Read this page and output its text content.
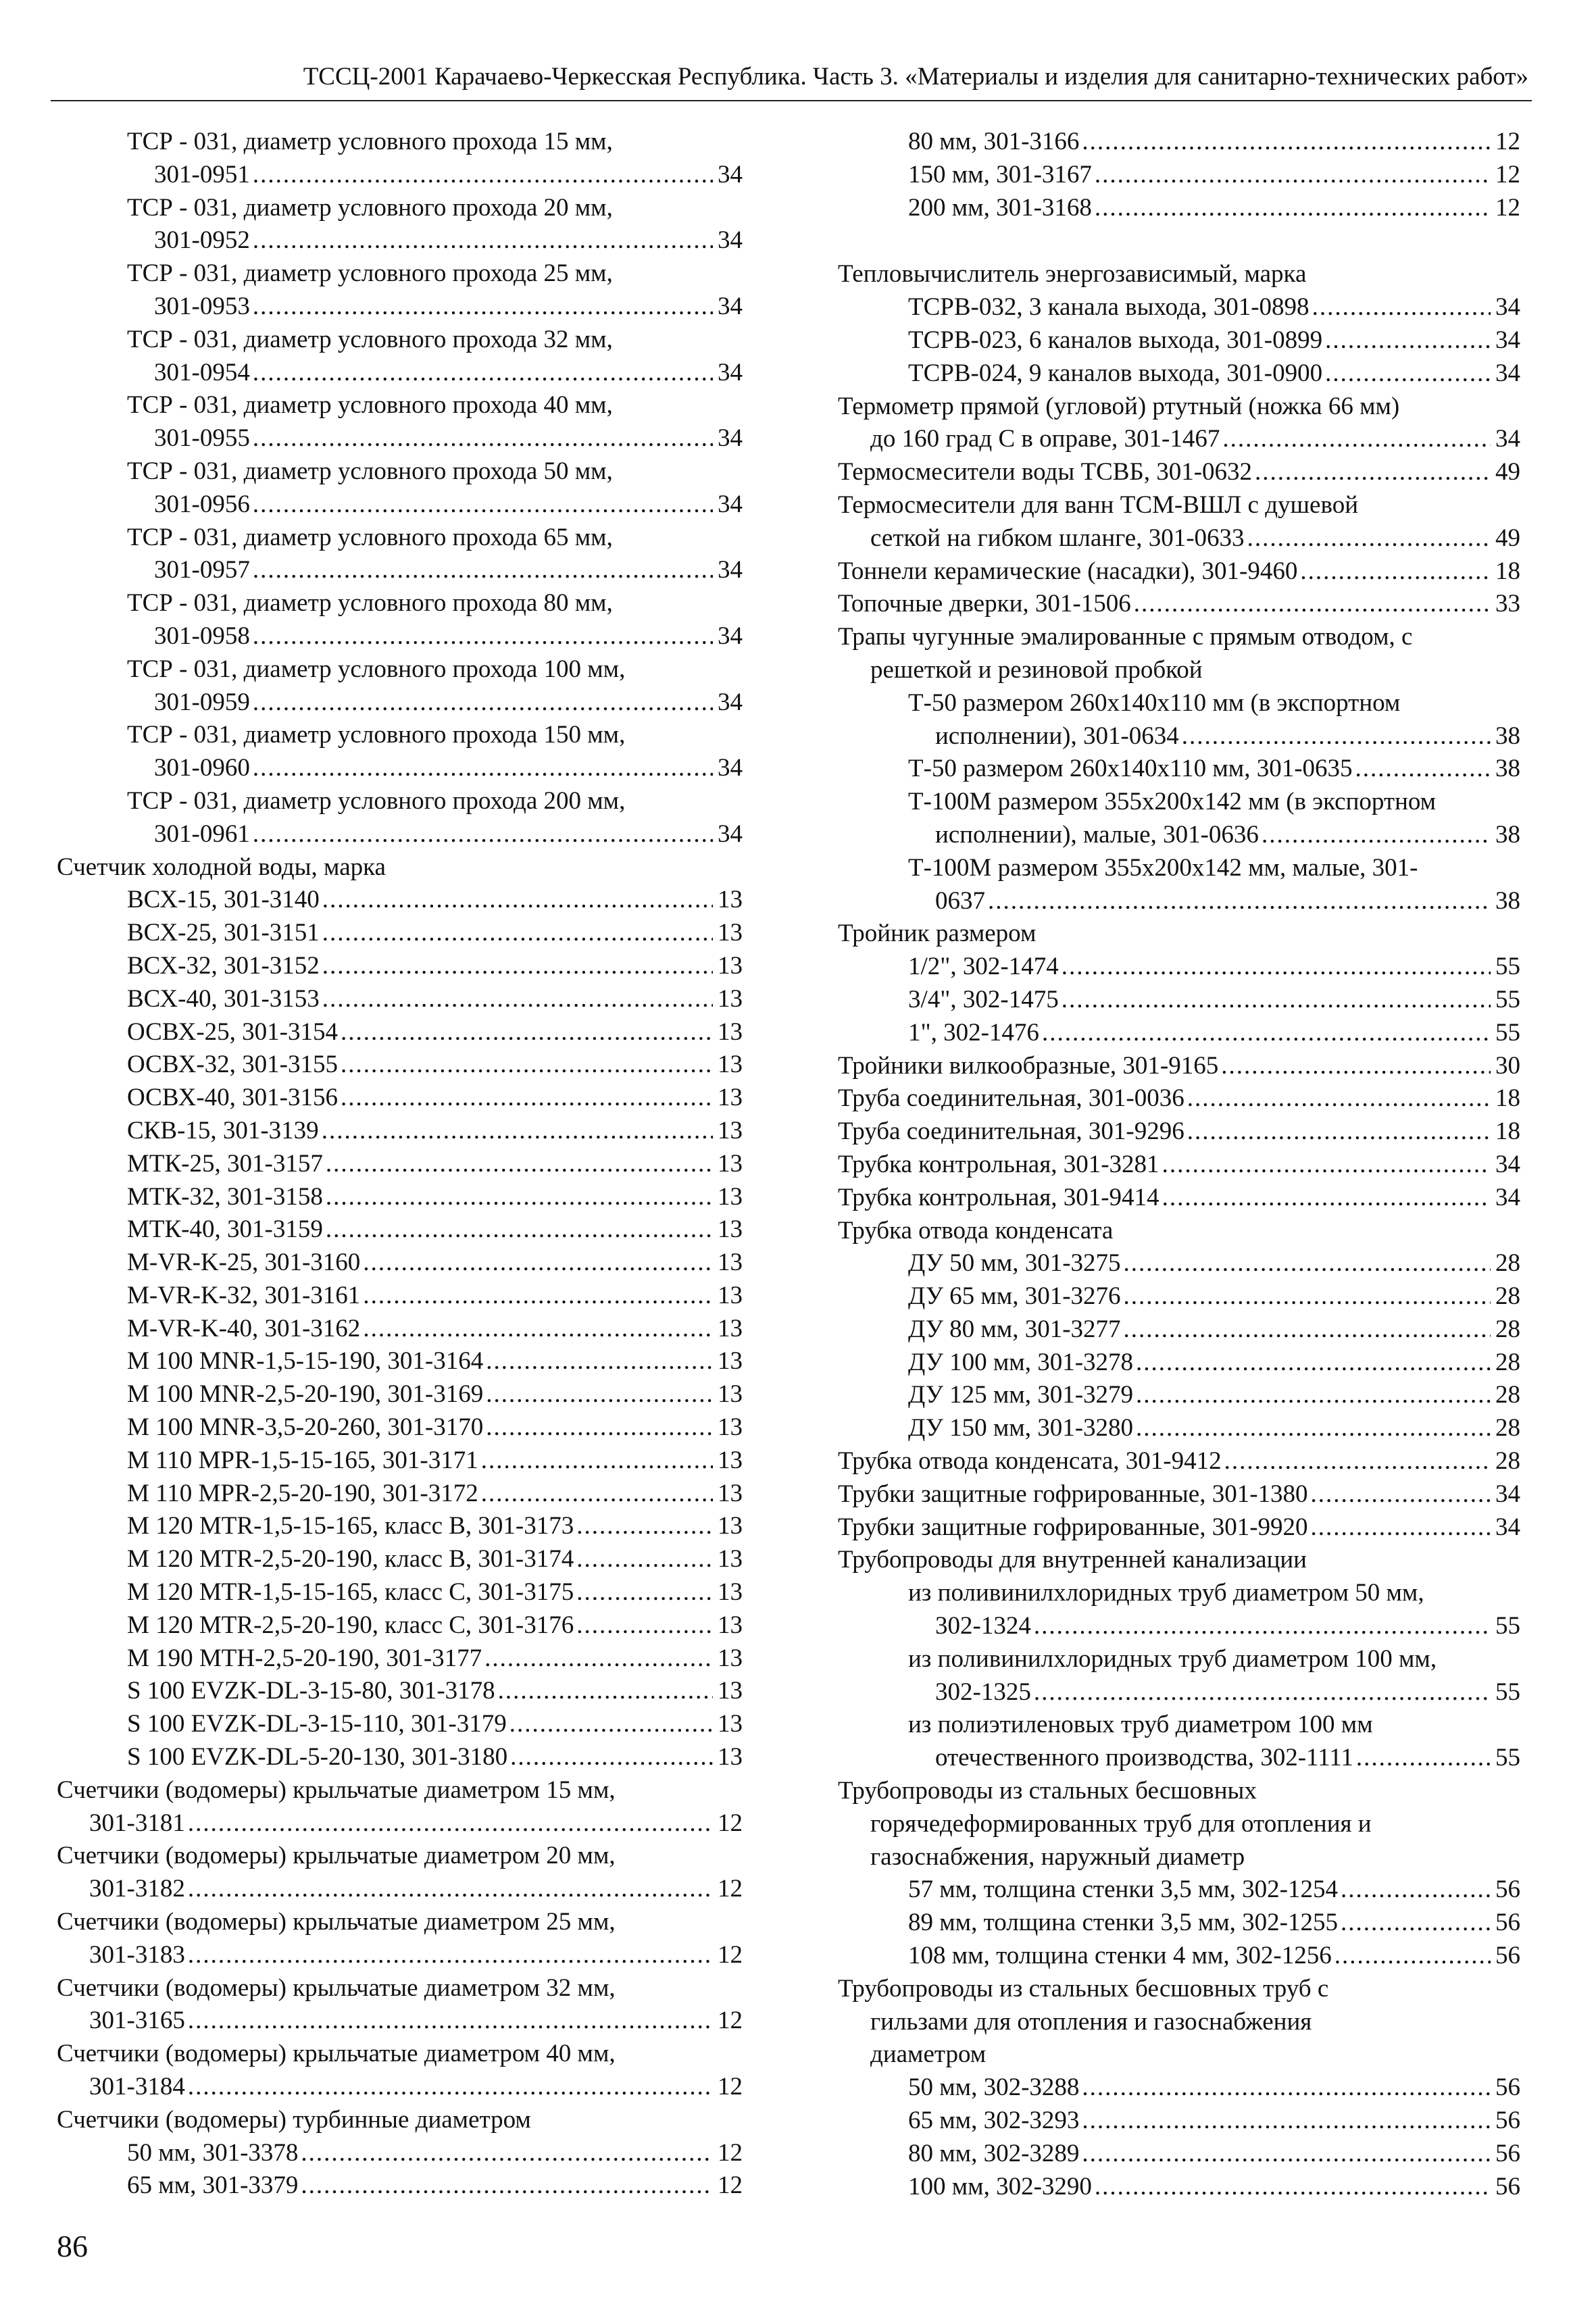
ТССЦ-2001 Карачаево-Черкесская Республика. Часть 3. «Материалы и изделия для санитарно-технических работ»
ТСР - 031, диаметр условного прохода 15 мм,
301-0951 .....	34
ТСР - 031, диаметр условного прохода 20 мм,
301-0952 .....	34
ТСР - 031, диаметр условного прохода 25 мм,
301-0953 .....	34
ТСР - 031, диаметр условного прохода 32 мм,
301-0954 .....	34
ТСР - 031, диаметр условного прохода 40 мм,
301-0955 .....	34
ТСР - 031, диаметр условного прохода 50 мм,
301-0956 .....	34
ТСР - 031, диаметр условного прохода 65 мм,
301-0957 .....	34
ТСР - 031, диаметр условного прохода 80 мм,
301-0958 .....	34
ТСР - 031, диаметр условного прохода 100 мм,
301-0959 .....	34
ТСР - 031, диаметр условного прохода 150 мм,
301-0960 .....	34
ТСР - 031, диаметр условного прохода 200 мм,
301-0961 .....	34
Счетчик холодной воды, марка
ВСХ-15, 301-3140 .....	13
ВСХ-25, 301-3151 .....	13
ВСХ-32, 301-3152 .....	13
ВСХ-40, 301-3153 .....	13
ОСВХ-25, 301-3154 .....	13
ОСВХ-32, 301-3155 .....	13
ОСВХ-40, 301-3156 .....	13
СКВ-15, 301-3139 .....	13
МТК-25, 301-3157 .....	13
МТК-32, 301-3158 .....	13
МТК-40, 301-3159 .....	13
M-VR-K-25, 301-3160 .....	13
M-VR-K-32, 301-3161 .....	13
M-VR-K-40, 301-3162 .....	13
M 100 MNR-1,5-15-190, 301-3164 .....	13
M 100 MNR-2,5-20-190, 301-3169 .....	13
M 100 MNR-3,5-20-260, 301-3170 .....	13
M 110 MPR-1,5-15-165, 301-3171 .....	13
M 110 MPR-2,5-20-190, 301-3172 .....	13
M 120 MTR-1,5-15-165, класс В, 301-3173 .....	13
M 120 MTR-2,5-20-190, класс В, 301-3174 .....	13
M 120 MTR-1,5-15-165, класс С, 301-3175 .....	13
M 120 MTR-2,5-20-190, класс С, 301-3176 .....	13
M 190 MTH-2,5-20-190, 301-3177 .....	13
S 100 EVZK-DL-3-15-80, 301-3178 .....	13
S 100 EVZK-DL-3-15-110, 301-3179 .....	13
S 100 EVZK-DL-5-20-130, 301-3180 .....	13
Счетчики (водомеры) крыльчатые диаметром 15 мм,
301-3181 .....	12
Счетчики (водомеры) крыльчатые диаметром 20 мм,
301-3182 .....	12
Счетчики (водомеры) крыльчатые диаметром 25 мм,
301-3183 .....	12
Счетчики (водомеры) крыльчатые диаметром 32 мм,
301-3165 .....	12
Счетчики (водомеры) крыльчатые диаметром 40 мм,
301-3184 .....	12
Счетчики (водомеры) турбинные диаметром
50 мм, 301-3378 .....	12
65 мм, 301-3379 .....	12
80 мм, 301-3166 .....	12
150 мм, 301-3167 .....	12
200 мм, 301-3168 .....	12
Тепловычислитель энергозависимый, марка
ТСРВ-032, 3 канала выхода, 301-0898 .....	34
ТСРВ-023, 6 каналов выхода, 301-0899 .....	34
ТСРВ-024, 9 каналов выхода, 301-0900 .....	34
Термометр прямой (угловой) ртутный (ножка 66 мм)
до 160 град С в оправе, 301-1467 .....	34
Термосмесители воды ТСВБ, 301-0632 .....	49
Термосмесители для ванн ТСМ-ВШЛ с душевой
сеткой на гибком шланге, 301-0633 .....	49
Тоннели керамические (насадки), 301-9460 .....	18
Топочные дверки, 301-1506 .....	33
Трапы чугунные эмалированные с прямым отводом, с
решеткой и резиновой пробкой
Т-50 размером 260х140х110 мм (в экспортном
исполнении), 301-0634 .....	38
Т-50 размером 260х140х110 мм, 301-0635 .....	38
Т-100М размером 355х200х142 мм (в экспортном
исполнении), малые, 301-0636 .....	38
Т-100М размером 355х200х142 мм, малые, 301-
0637 .....	38
Тройник размером
1/2", 302-1474 .....	55
3/4", 302-1475 .....	55
1", 302-1476 .....	55
Тройники вилкообразные, 301-9165 .....	30
Труба соединительная, 301-0036 .....	18
Труба соединительная, 301-9296 .....	18
Трубка контрольная, 301-3281 .....	34
Трубка контрольная, 301-9414 .....	34
Трубка отвода конденсата
ДУ 50 мм, 301-3275 .....	28
ДУ 65 мм, 301-3276 .....	28
ДУ 80 мм, 301-3277 .....	28
ДУ 100 мм, 301-3278 .....	28
ДУ 125 мм, 301-3279 .....	28
ДУ 150 мм, 301-3280 .....	28
Трубка отвода конденсата, 301-9412 .....	28
Трубки защитные гофрированные, 301-1380 .....	34
Трубки защитные гофрированные, 301-9920 .....	34
Трубопроводы для внутренней канализации
из поливинилхлоридных труб диаметром 50 мм,
302-1324 .....	55
из поливинилхлоридных труб диаметром 100 мм,
302-1325 .....	55
из полиэтиленовых труб диаметром 100 мм
отечественного производства, 302-1111 .....	55
Трубопроводы из стальных бесшовных
горячедеформированных труб для отопления и
газоснабжения, наружный диаметр
57 мм, толщина стенки 3,5 мм, 302-1254 .....	56
89 мм, толщина стенки 3,5 мм, 302-1255 .....	56
108 мм, толщина стенки 4 мм, 302-1256 .....	56
Трубопроводы из стальных бесшовных труб с
гильзами для отопления и газоснабжения
диаметром
50 мм, 302-3288 .....	56
65 мм, 302-3293 .....	56
80 мм, 302-3289 .....	56
100 мм, 302-3290 .....	56
86
